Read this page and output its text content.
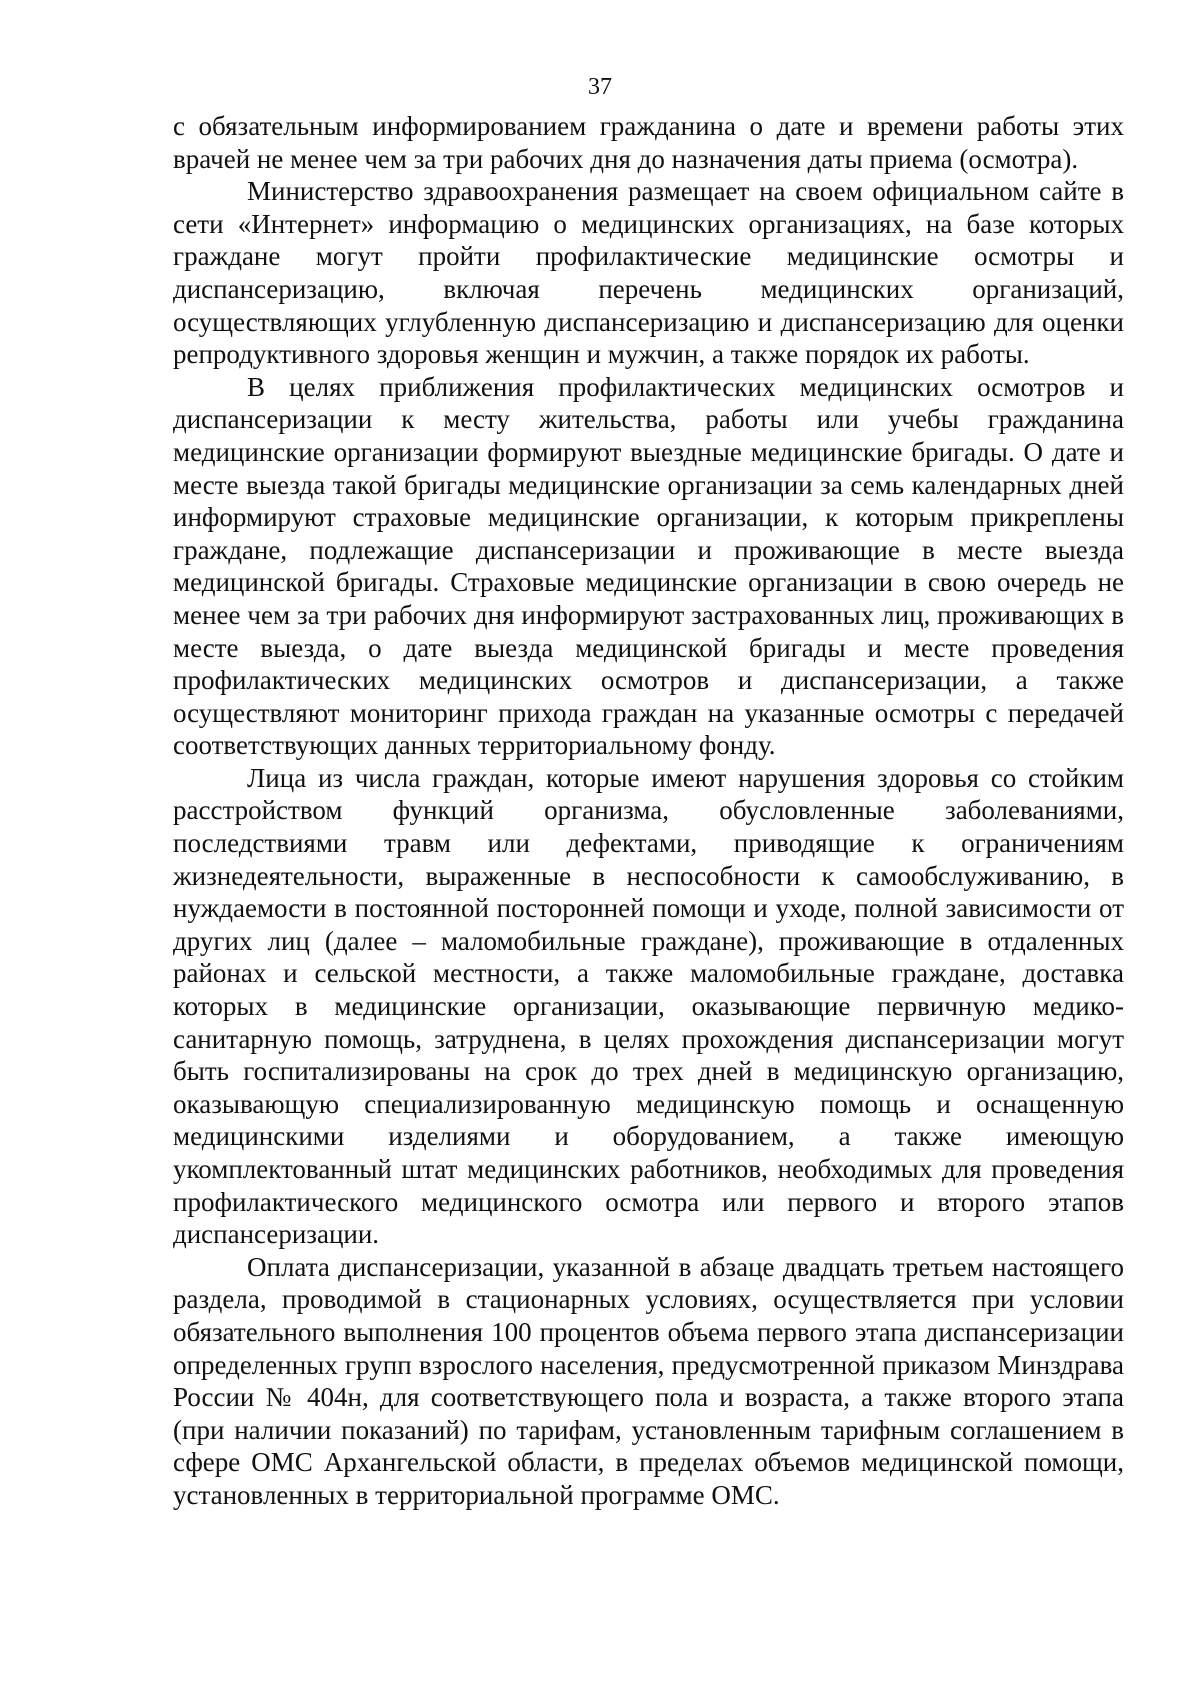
37

с обязательным информированием гражданина о дате и времени работы этих врачей не менее чем за три рабочих дня до назначения даты приема (осмотра).

Министерство здравоохранения размещает на своем официальном сайте в сети «Интернет» информацию о медицинских организациях, на базе которых граждане могут пройти профилактические медицинские осмотры и диспансеризацию, включая перечень медицинских организаций, осуществляющих углубленную диспансеризацию и диспансеризацию для оценки репродуктивного здоровья женщин и мужчин, а также порядок их работы.

В целях приближения профилактических медицинских осмотров и диспансеризации к месту жительства, работы или учебы гражданина медицинские организации формируют выездные медицинские бригады. О дате и месте выезда такой бригады медицинские организации за семь календарных дней информируют страховые медицинские организации, к которым прикреплены граждане, подлежащие диспансеризации и проживающие в месте выезда медицинской бригады. Страховые медицинские организации в свою очередь не менее чем за три рабочих дня информируют застрахованных лиц, проживающих в месте выезда, о дате выезда медицинской бригады и месте проведения профилактических медицинских осмотров и диспансеризации, а также осуществляют мониторинг прихода граждан на указанные осмотры с передачей соответствующих данных территориальному фонду.

Лица из числа граждан, которые имеют нарушения здоровья со стойким расстройством функций организма, обусловленные заболеваниями, последствиями травм или дефектами, приводящие к ограничениям жизнедеятельности, выраженные в неспособности к самообслуживанию, в нуждаемости в постоянной посторонней помощи и уходе, полной зависимости от других лиц (далее – маломобильные граждане), проживающие в отдаленных районах и сельской местности, а также маломобильные граждане, доставка которых в медицинские организации, оказывающие первичную медико-санитарную помощь, затруднена, в целях прохождения диспансеризации могут быть госпитализированы на срок до трех дней в медицинскую организацию, оказывающую специализированную медицинскую помощь и оснащенную медицинскими изделиями и оборудованием, а также имеющую укомплектованный штат медицинских работников, необходимых для проведения профилактического медицинского осмотра или первого и второго этапов диспансеризации.

Оплата диспансеризации, указанной в абзаце двадцать третьем настоящего раздела, проводимой в стационарных условиях, осуществляется при условии обязательного выполнения 100 процентов объема первого этапа диспансеризации определенных групп взрослого населения, предусмотренной приказом Минздрава России № 404н, для соответствующего пола и возраста, а также второго этапа (при наличии показаний) по тарифам, установленным тарифным соглашением в сфере ОМС Архангельской области, в пределах объемов медицинской помощи, установленных в территориальной программе ОМС.
